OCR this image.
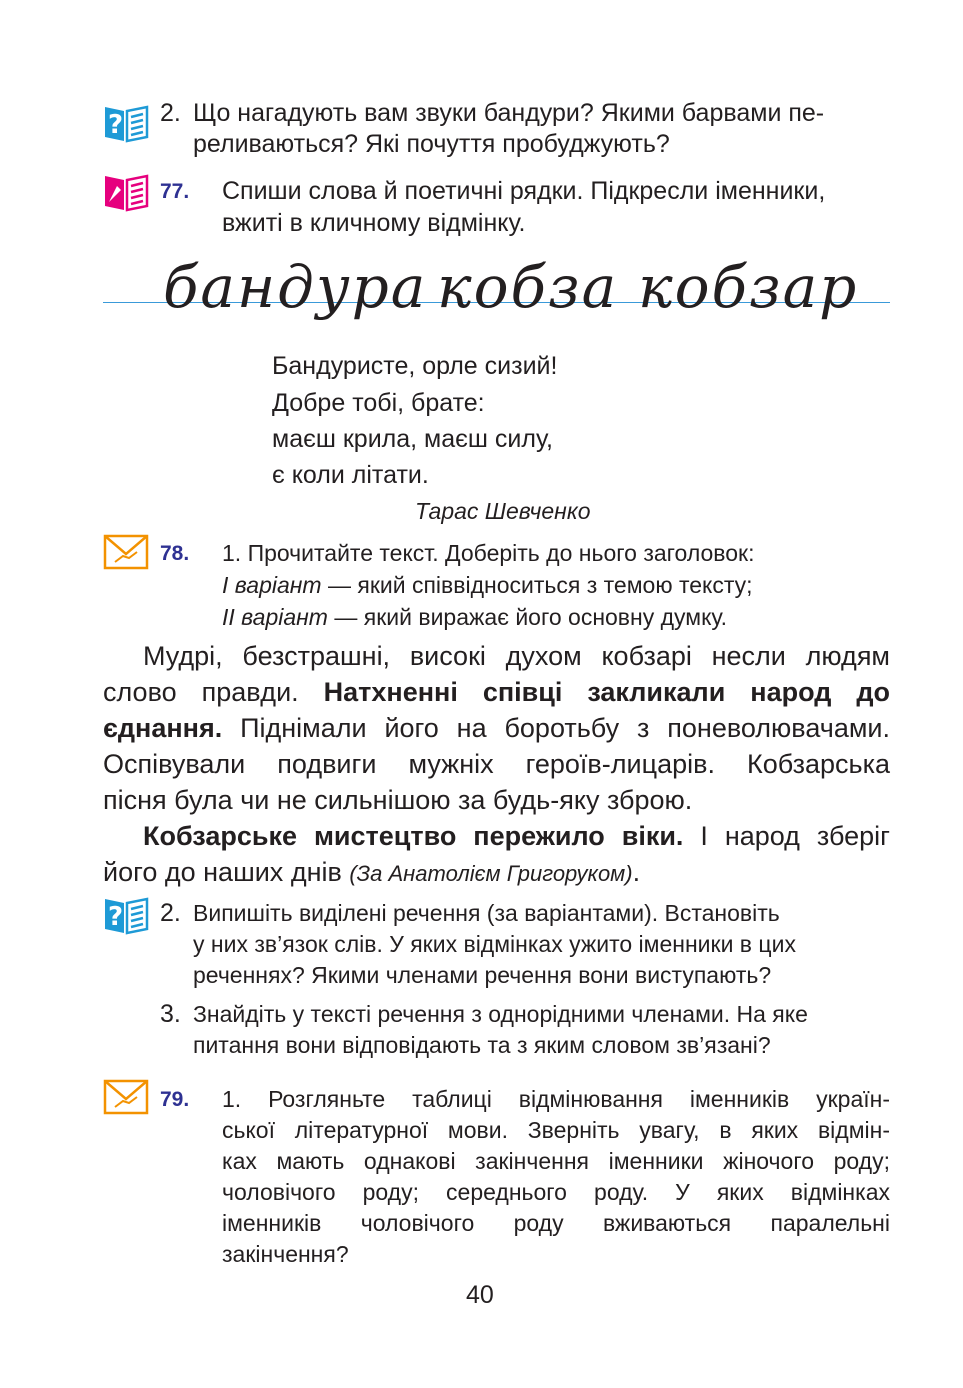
? 2. Що нагадують вам звуки бандури? Якими барвами пе-
реливаються? Які почуття пробуджують?
77. Спиши слова й поетичні рядки. Підкресли іменники,
вжиті в кличному відмінку.
бандура кобза кобзар
Бандуристе, орле сизий!
Добре тобі, брате:
маєш крила, маєш силу,
є коли літати.
Тарас Шевченко
78. 1. Прочитайте текст. Доберіть до нього заголовок:
I варіант — який співвідноситься з темою тексту;
II варіант — який виражає його основну думку.
Мудрі, безстрашні, високі духом кобзарі несли людям
слово правди. Натхненні співці закликали народ до
єднання. Піднімали його на боротьбу з поневолювачами.
Оспівували подвиги мужніх героїв-лицарів. Кобзарська
пісня була чи не сильнішою за будь-яку зброю.
Кобзарське мистецтво пережило віки. І народ зберіг
його до наших днів (За Анатолієм Григоруком).
? 2. Випишіть виділені речення (за варіантами). Встановіть
у них зв’язок слів. У яких відмінках ужито іменники в цих
реченнях? Якими членами речення вони виступають?
3. Знайдіть у тексті речення з однорідними членами. На яке
питання вони відповідають та з яким словом зв’язані?
79. 1. Розгляньте таблиці відмінювання іменників україн-
ської літературної мови. Зверніть увагу, в яких відмін-
ках мають однакові закінчення іменники жіночого роду;
чоловічого роду; середнього роду. У яких відмінках
іменників чоловічого роду вживаються паралельні
закінчення?
40
